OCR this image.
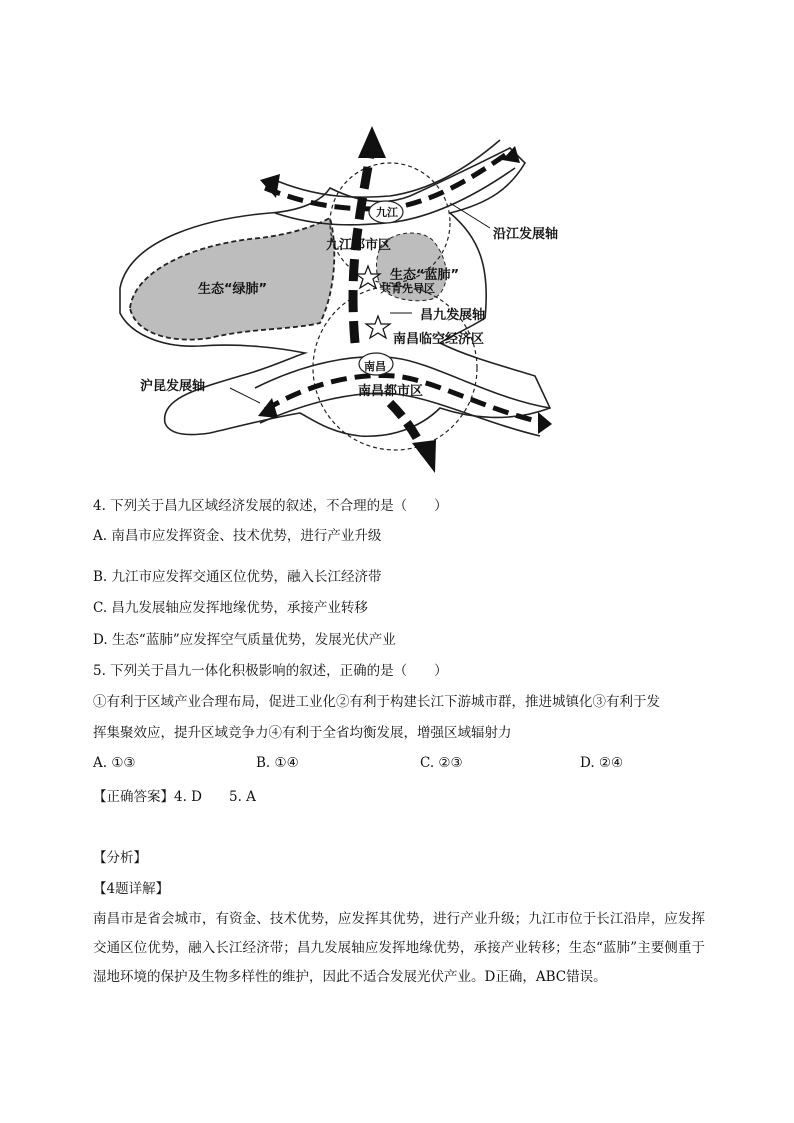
九江
九江都市区
生态“蓝肺”
共青先导区
生态“绿肺”
昌九发展轴
南昌临空经济区
南昌
南昌都市区
沿江发展轴
沪昆发展轴
4. 下列关于昌九区域经济发展的叙述，不合理的是（　　）
A. 南昌市应发挥资金、技术优势，进行产业升级
B. 九江市应发挥交通区位优势，融入长江经济带
C. 昌九发展轴应发挥地缘优势，承接产业转移
D. 生态“蓝肺”应发挥空气质量优势，发展光伏产业
5. 下列关于昌九一体化积极影响的叙述，正确的是（　　）
①有利于区域产业合理布局，促进工业化②有利于构建长江下游城市群，推进城镇化③有利于发
挥集聚效应，提升区域竞争力④有利于全省均衡发展，增强区域辐射力
A. ①③	B. ①④	C. ②③	D. ②④
【正确答案】4. D　　5. A
【分析】
【4题详解】
南昌市是省会城市，有资金、技术优势，应发挥其优势，进行产业升级；九江市位于长江沿岸，应发挥交通区位优势，融入长江经济带；昌九发展轴应发挥地缘优势，承接产业转移；生态“蓝肺”主要侧重于湿地环境的保护及生物多样性的维护，因此不适合发展光伏产业。D正确，ABC错误。
